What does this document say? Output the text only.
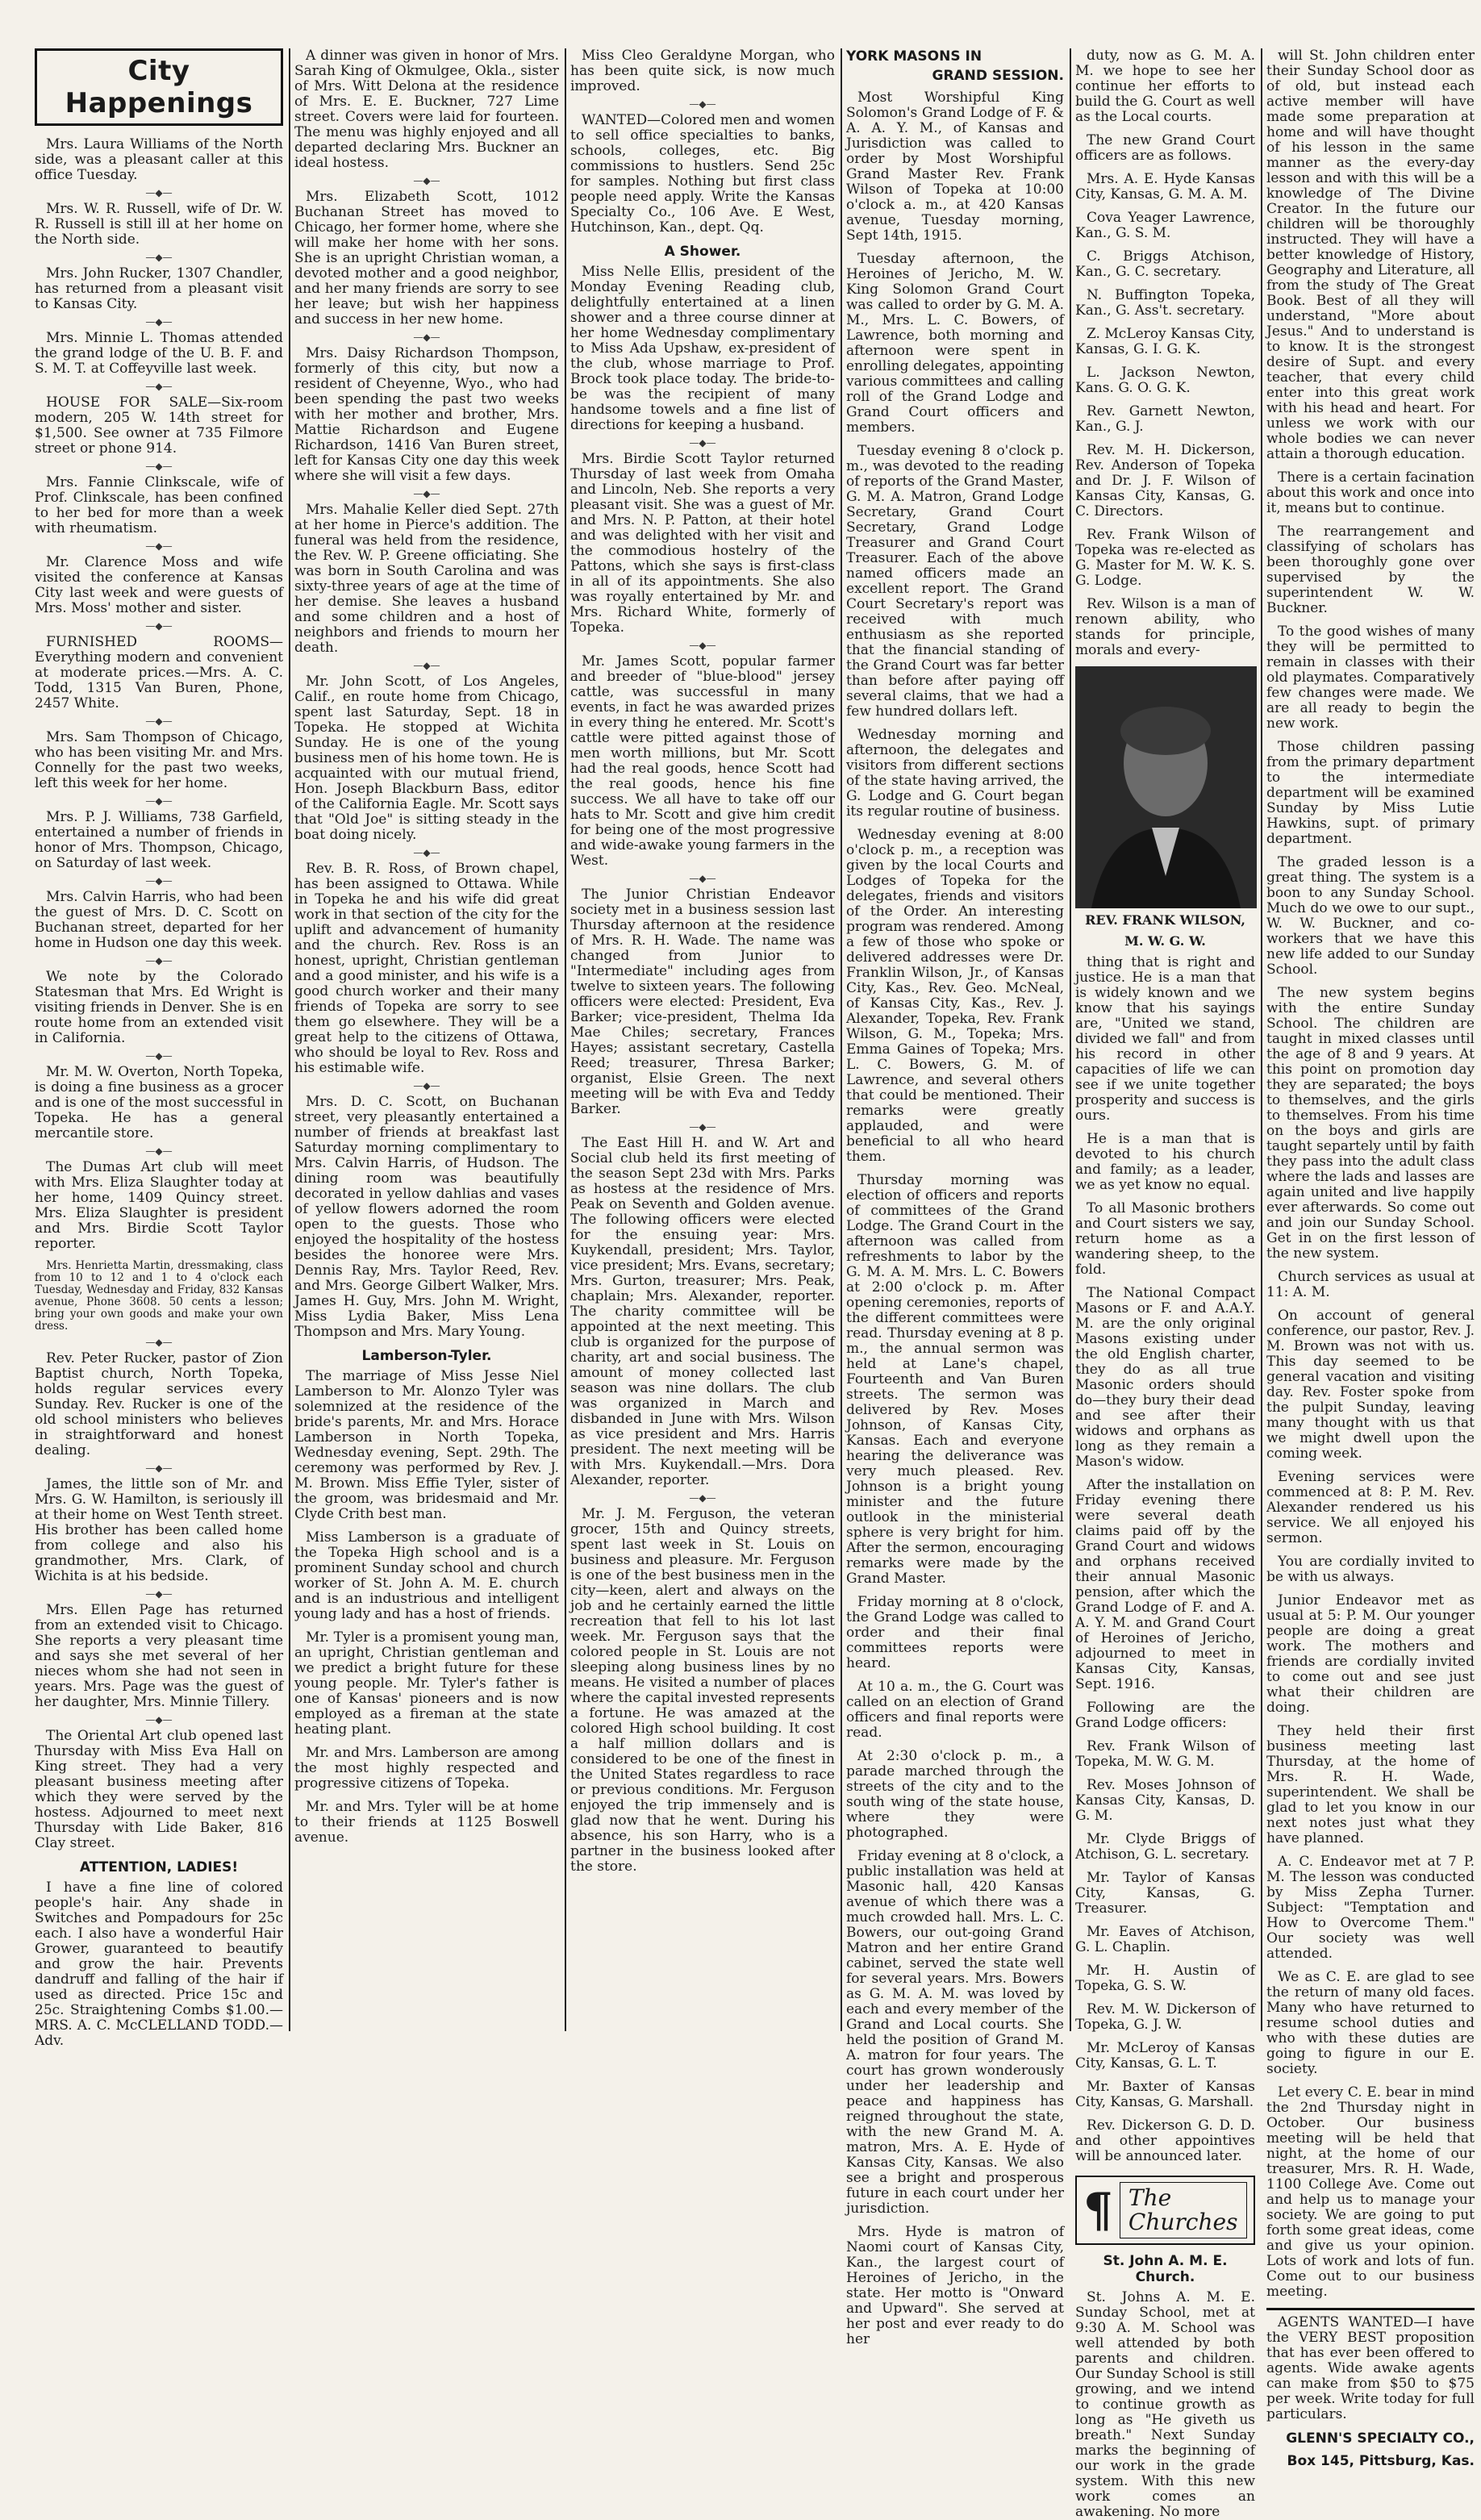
City Happenings

Mrs. Laura Williams of the North side, was a pleasant caller at this office Tuesday.

—◆—

Mrs. W. R. Russell, wife of Dr. W. R. Russell is still ill at her home on the North side.

—◆—

Mrs. John Rucker, 1307 Chandler, has returned from a pleasant visit to Kansas City.

—◆—

Mrs. Minnie L. Thomas attended the grand lodge of the U. B. F. and S. M. T. at Coffeyville last week.

—◆—

HOUSE FOR SALE—Six-room modern, 205 W. 14th street for $1,500. See owner at 735 Filmore street or phone 914.

—◆—

Mrs. Fannie Clinkscale, wife of Prof. Clinkscale, has been confined to her bed for more than a week with rheumatism.

—◆—

Mr. Clarence Moss and wife visited the conference at Kansas City last week and were guests of Mrs. Moss' mother and sister.

—◆—

FURNISHED ROOMS—Everything modern and convenient at moderate prices.—Mrs. A. C. Todd, 1315 Van Buren, Phone, 2457 White.

—◆—

Mrs. Sam Thompson of Chicago, who has been visiting Mr. and Mrs. Connelly for the past two weeks, left this week for her home.

—◆—

Mrs. P. J. Williams, 738 Garfield, entertained a number of friends in honor of Mrs. Thompson, Chicago, on Saturday of last week.

—◆—

Mrs. Calvin Harris, who had been the guest of Mrs. D. C. Scott on Buchanan street, departed for her home in Hudson one day this week.

—◆—

We note by the Colorado Statesman that Mrs. Ed Wright is visiting friends in Denver. She is en route home from an extended visit in California.

—◆—

Mr. M. W. Overton, North Topeka, is doing a fine business as a grocer and is one of the most successful in Topeka. He has a general mercantile store.

—◆—

The Dumas Art club will meet with Mrs. Eliza Slaughter today at her home, 1409 Quincy street. Mrs. Eliza Slaughter is president and Mrs. Birdie Scott Taylor reporter.

Mrs. Henrietta Martin, dressmaking, class from 10 to 12 and 1 to 4 o'clock each Tuesday, Wednesday and Friday, 832 Kansas avenue, Phone 3608. 50 cents a lesson; bring your own goods and make your own dress.

—◆—

Rev. Peter Rucker, pastor of Zion Baptist church, North Topeka, holds regular services every Sunday. Rev. Rucker is one of the old school ministers who believes in straightforward and honest dealing.

—◆—

James, the little son of Mr. and Mrs. G. W. Hamilton, is seriously ill at their home on West Tenth street. His brother has been called home from college and also his grandmother, Mrs. Clark, of Wichita is at his bedside.

—◆—

Mrs. Ellen Page has returned from an extended visit to Chicago. She reports a very pleasant time and says she met several of her nieces whom she had not seen in years. Mrs. Page was the guest of her daughter, Mrs. Minnie Tillery.

—◆—

The Oriental Art club opened last Thursday with Miss Eva Hall on King street. They had a very pleasant business meeting after which they were served by the hostess. Adjourned to meet next Thursday with Lide Baker, 816 Clay street.

ATTENTION, LADIES!

I have a fine line of colored people's hair. Any shade in Switches and Pompadours for 25c each. I also have a wonderful Hair Grower, guaranteed to beautify and grow the hair. Prevents dandruff and falling of the hair if used as directed. Price 15c and 25c. Straightening Combs $1.00.—MRS. A. C. McCLELLAND TODD.—Adv.

A dinner was given in honor of Mrs. Sarah King of Okmulgee, Okla., sister of Mrs. Witt Delona at the residence of Mrs. E. E. Buckner, 727 Lime street. Covers were laid for fourteen. The menu was highly enjoyed and all departed declaring Mrs. Buckner an ideal hostess.

—◆—

Mrs. Elizabeth Scott, 1012 Buchanan Street has moved to Chicago, her former home, where she will make her home with her sons. She is an upright Christian woman, a devoted mother and a good neighbor, and her many friends are sorry to see her leave; but wish her happiness and success in her new home.

—◆—

Mrs. Daisy Richardson Thompson, formerly of this city, but now a resident of Cheyenne, Wyo., who had been spending the past two weeks with her mother and brother, Mrs. Mattie Richardson and Eugene Richardson, 1416 Van Buren street, left for Kansas City one day this week where she will visit a few days.

—◆—

Mrs. Mahalie Keller died Sept. 27th at her home in Pierce's addition. The funeral was held from the residence, the Rev. W. P. Greene officiating. She was born in South Carolina and was sixty-three years of age at the time of her demise. She leaves a husband and some children and a host of neighbors and friends to mourn her death.

—◆—

Mr. John Scott, of Los Angeles, Calif., en route home from Chicago, spent last Saturday, Sept. 18 in Topeka. He stopped at Wichita Sunday. He is one of the young business men of his home town. He is acquainted with our mutual friend, Hon. Joseph Blackburn Bass, editor of the California Eagle. Mr. Scott says that "Old Joe" is sitting steady in the boat doing nicely.

—◆—

Rev. B. R. Ross, of Brown chapel, has been assigned to Ottawa. While in Topeka he and his wife did great work in that section of the city for the uplift and advancement of humanity and the church. Rev. Ross is an honest, upright, Christian gentleman and a good minister, and his wife is a good church worker and their many friends of Topeka are sorry to see them go elsewhere. They will be a great help to the citizens of Ottawa, who should be loyal to Rev. Ross and his estimable wife.

—◆—

Mrs. D. C. Scott, on Buchanan street, very pleasantly entertained a number of friends at breakfast last Saturday morning complimentary to Mrs. Calvin Harris, of Hudson. The dining room was beautifully decorated in yellow dahlias and vases of yellow flowers adorned the room open to the guests. Those who enjoyed the hospitality of the hostess besides the honoree were Mrs. Dennis Ray, Mrs. Taylor Reed, Rev. and Mrs. George Gilbert Walker, Mrs. James H. Guy, Mrs. John M. Wright, Miss Lydia Baker, Miss Lena Thompson and Mrs. Mary Young.

Lamberson-Tyler.

The marriage of Miss Jesse Niel Lamberson to Mr. Alonzo Tyler was solemnized at the residence of the bride's parents, Mr. and Mrs. Horace Lamberson in North Topeka, Wednesday evening, Sept. 29th. The ceremony was performed by Rev. J. M. Brown. Miss Effie Tyler, sister of the groom, was bridesmaid and Mr. Clyde Crith best man.

Miss Lamberson is a graduate of the Topeka High school and is a prominent Sunday school and church worker of St. John A. M. E. church and is an industrious and intelligent young lady and has a host of friends.

Mr. Tyler is a promisent young man, an upright, Christian gentleman and we predict a bright future for these young people. Mr. Tyler's father is one of Kansas' pioneers and is now employed as a fireman at the state heating plant.

Mr. and Mrs. Lamberson are among the most highly respected and progressive citizens of Topeka.

Mr. and Mrs. Tyler will be at home to their friends at 1125 Boswell avenue.

Miss Cleo Geraldyne Morgan, who has been quite sick, is now much improved.

—◆—

WANTED—Colored men and women to sell office specialties to banks, schools, colleges, etc. Big commissions to hustlers. Send 25c for samples. Nothing but first class people need apply. Write the Kansas Specialty Co., 106 Ave. E West, Hutchinson, Kan., dept. Qq.

A Shower.

Miss Nelle Ellis, president of the Monday Evening Reading club, delightfully entertained at a linen shower and a three course dinner at her home Wednesday complimentary to Miss Ada Upshaw, ex-president of the club, whose marriage to Prof. Brock took place today. The bride-to-be was the recipient of many handsome towels and a fine list of directions for keeping a husband.

—◆—

Mrs. Birdie Scott Taylor returned Thursday of last week from Omaha and Lincoln, Neb. She reports a very pleasant visit. She was a guest of Mr. and Mrs. N. P. Patton, at their hotel and was delighted with her visit and the commodious hostelry of the Pattons, which she says is first-class in all of its appointments. She also was royally entertained by Mr. and Mrs. Richard White, formerly of Topeka.

—◆—

Mr. James Scott, popular farmer and breeder of "blue-blood" jersey cattle, was successful in many events, in fact he was awarded prizes in every thing he entered. Mr. Scott's cattle were pitted against those of men worth millions, but Mr. Scott had the real goods, hence Scott had the real goods, hence his fine success. We all have to take off our hats to Mr. Scott and give him credit for being one of the most progressive and wide-awake young farmers in the West.

—◆—

The Junior Christian Endeavor society met in a business session last Thursday afternoon at the residence of Mrs. R. H. Wade. The name was changed from Junior to "Intermediate" including ages from twelve to sixteen years. The following officers were elected: President, Eva Barker; vice-president, Thelma Ida Mae Chiles; secretary, Frances Hayes; assistant secretary, Castella Reed; treasurer, Thresa Barker; organist, Elsie Green. The next meeting will be with Eva and Teddy Barker.

—◆—

The East Hill H. and W. Art and Social club held its first meeting of the season Sept 23d with Mrs. Parks as hostess at the residence of Mrs. Peak on Seventh and Golden avenue. The following officers were elected for the ensuing year: Mrs. Kuykendall, president; Mrs. Taylor, vice president; Mrs. Evans, secretary; Mrs. Gurton, treasurer; Mrs. Peak, chaplain; Mrs. Alexander, reporter. The charity committee will be appointed at the next meeting. This club is organized for the purpose of charity, art and social business. The amount of money collected last season was nine dollars. The club was organized in March and disbanded in June with Mrs. Wilson as vice president and Mrs. Harris president. The next meeting will be with Mrs. Kuykendall.—Mrs. Dora Alexander, reporter.

—◆—

Mr. J. M. Ferguson, the veteran grocer, 15th and Quincy streets, spent last week in St. Louis on business and pleasure. Mr. Ferguson is one of the best business men in the city—keen, alert and always on the job and he certainly earned the little recreation that fell to his lot last week. Mr. Ferguson says that the colored people in St. Louis are not sleeping along business lines by no means. He visited a number of places where the capital invested represents a fortune. He was amazed at the colored High school building. It cost a half million dollars and is considered to be one of the finest in the United States regardless to race or previous conditions. Mr. Ferguson enjoyed the trip immensely and is glad now that he went. During his absence, his son Harry, who is a partner in the business looked after the store.

YORK MASONS IN
GRAND SESSION.

Most Worshipful King Solomon's Grand Lodge of F. & A. A. Y. M., of Kansas and Jurisdiction was called to order by Most Worshipful Grand Master Rev. Frank Wilson of Topeka at 10:00 o'clock a. m., at 420 Kansas avenue, Tuesday morning, Sept 14th, 1915.

Tuesday afternoon, the Heroines of Jericho, M. W. King Solomon Grand Court was called to order by G. M. A. M., Mrs. L. C. Bowers, of Lawrence, both morning and afternoon were spent in enrolling delegates, appointing various committees and calling roll of the Grand Lodge and Grand Court officers and members.

Tuesday evening 8 o'clock p. m., was devoted to the reading of reports of the Grand Master, G. M. A. Matron, Grand Lodge Secretary, Grand Court Secretary, Grand Lodge Treasurer and Grand Court Treasurer. Each of the above named officers made an excellent report. The Grand Court Secretary's report was received with much enthusiasm as she reported that the financial standing of the Grand Court was far better than before after paying off several claims, that we had a few hundred dollars left.

Wednesday morning and afternoon, the delegates and visitors from different sections of the state having arrived, the G. Lodge and G. Court began its regular routine of business.

Wednesday evening at 8:00 o'clock p. m., a reception was given by the local Courts and Lodges of Topeka for the delegates, friends and visitors of the Order. An interesting program was rendered. Among a few of those who spoke or delivered addresses were Dr. Franklin Wilson, Jr., of Kansas City, Kas., Rev. Geo. McNeal, of Kansas City, Kas., Rev. J. Alexander, Topeka, Rev. Frank Wilson, G. M., Topeka; Mrs. Emma Gaines of Topeka; Mrs. L. C. Bowers, G. M. of Lawrence, and several others that could be mentioned. Their remarks were greatly applauded, and were beneficial to all who heard them.

Thursday morning was election of officers and reports of committees of the Grand Lodge. The Grand Court in the afternoon was called from refreshments to labor by the G. M. A. M. Mrs. L. C. Bowers at 2:00 o'clock p. m. After opening ceremonies, reports of the different committees were read. Thursday evening at 8 p. m., the annual sermon was held at Lane's chapel, Fourteenth and Van Buren streets. The sermon was delivered by Rev. Moses Johnson, of Kansas City, Kansas. Each and everyone hearing the deliverance was very much pleased. Rev. Johnson is a bright young minister and the future outlook in the ministerial sphere is very bright for him. After the sermon, encouraging remarks were made by the Grand Master.

Friday morning at 8 o'clock, the Grand Lodge was called to order and their final committees reports were heard.

At 10 a. m., the G. Court was called on an election of Grand officers and final reports were read.

At 2:30 o'clock p. m., a parade marched through the streets of the city and to the south wing of the state house, where they were photographed.

Friday evening at 8 o'clock, a public installation was held at Masonic hall, 420 Kansas avenue of which there was a much crowded hall. Mrs. L. C. Bowers, our out-going Grand Matron and her entire Grand cabinet, served the state well for several years. Mrs. Bowers as G. M. A. M. was loved by each and every member of the Grand and Local courts. She held the position of Grand M. A. matron for four years. The court has grown wonderously under her leadership and peace and happiness has reigned throughout the state, with the new Grand M. A. matron, Mrs. A. E. Hyde of Kansas City, Kansas. We also see a bright and prosperous future in each court under her jurisdiction.

Mrs. Hyde is matron of Naomi court of Kansas City, Kan., the largest court of Heroines of Jericho, in the state. Her motto is "Onward and Upward". She served at her post and ever ready to do her

duty, now as G. M. A. M. we hope to see her continue her efforts to build the G. Court as well as the Local courts.

The new Grand Court officers are as follows.

Mrs. A. E. Hyde Kansas City, Kansas, G. M. A. M.

Cova Yeager Lawrence, Kan., G. S. M.

C. Briggs Atchison, Kan., G. C. secretary.

N. Buffington Topeka, Kan., G. Ass't. secretary.

Z. McLeroy Kansas City, Kansas, G. I. G. K.

L. Jackson Newton, Kans. G. O. G. K.

Rev. Garnett Newton, Kan., G. J.

Rev. M. H. Dickerson, Rev. Anderson of Topeka and Dr. J. F. Wilson of Kansas City, Kansas, G. C. Directors.

Rev. Frank Wilson of Topeka was re-elected as G. Master for M. W. K. S. G. Lodge.

Rev. Wilson is a man of renown ability, who stands for principle, morals and every-

REV. FRANK WILSON,
M. W. G. W.

thing that is right and justice. He is a man that is widely known and we know that his sayings are, "United we stand, divided we fall" and from his record in other capacities of life we can see if we unite together prosperity and success is ours.

He is a man that is devoted to his church and family; as a leader, we as yet know no equal.

To all Masonic brothers and Court sisters we say, return home as a wandering sheep, to the fold.

The National Compact Masons or F. and A.A.Y. M. are the only original Masons existing under the old English charter, they do as all true Masonic orders should do—they bury their dead and see after their widows and orphans as long as they remain a Mason's widow.

After the installation on Friday evening there were several death claims paid off by the Grand Court and widows and orphans received their annual Masonic pension, after which the Grand Lodge of F. and A. A. Y. M. and Grand Court of Heroines of Jericho, adjourned to meet in Kansas City, Kansas, Sept. 1916.

Following are the Grand Lodge officers:

Rev. Frank Wilson of Topeka, M. W. G. M.

Rev. Moses Johnson of Kansas City, Kansas, D. G. M.

Mr. Clyde Briggs of Atchison, G. L. secretary.

Mr. Taylor of Kansas City, Kansas, G. Treasurer.

Mr. Eaves of Atchison, G. L. Chaplin.

Mr. H. Austin of Topeka, G. S. W.

Rev. M. W. Dickerson of Topeka, G. J. W.

Mr. McLeroy of Kansas City, Kansas, G. L. T.

Mr. Baxter of Kansas City, Kansas, G. Marshall.

Rev. Dickerson G. D. D. and other appointives will be announced later.

¶ The Churches
St. John A. M. E. Church.

St. Johns A. M. E. Sunday School, met at 9:30 A. M. School was well attended by both parents and children. Our Sunday School is still growing, and we intend to continue growth as long as "He giveth us breath." Next Sunday marks the beginning of our work in the grade system. With this new work comes an awakening. No more

will St. John children enter their Sunday School door as of old, but instead each active member will have made some preparation at home and will have thought of his lesson in the same manner as the every-day lesson and with this will be a knowledge of The Divine Creator. In the future our children will be thoroughly instructed. They will have a better knowledge of History, Geography and Literature, all from the study of The Great Book. Best of all they will understand, "More about Jesus." And to understand is to know. It is the strongest desire of Supt. and every teacher, that every child enter into this great work with his head and heart. For unless we work with our whole bodies we can never attain a thorough education.

There is a certain facination about this work and once into it, means but to continue.

The rearrangement and classifying of scholars has been thoroughly gone over supervised by the superintendent W. W. Buckner.

To the good wishes of many they will be permitted to remain in classes with their old playmates. Comparatively few changes were made. We are all ready to begin the new work.

Those children passing from the primary department to the intermediate department will be examined Sunday by Miss Lutie Hawkins, supt. of primary department.

The graded lesson is a great thing. The system is a boon to any Sunday School. Much do we owe to our supt., W. W. Buckner, and co-workers that we have this new life added to our Sunday School.

The new system begins with the entire Sunday School. The children are taught in mixed classes until the age of 8 and 9 years. At this point on promotion day they are separated; the boys to themselves, and the girls to themselves. From his time on the boys and girls are taught separtely until by faith they pass into the adult class where the lads and lasses are again united and live happily ever afterwards. So come out and join our Sunday School. Get in on the first lesson of the new system.

Church services as usual at 11: A. M.

On account of general conference, our pastor, Rev. J. M. Brown was not with us. This day seemed to be general vacation and visiting day. Rev. Foster spoke from the pulpit Sunday, leaving many thought with us that we might dwell upon the coming week.

Evening services were commenced at 8: P. M. Rev. Alexander rendered us his service. We all enjoyed his sermon.

You are cordially invited to be with us always.

Junior Endeavor met as usual at 5: P. M. Our younger people are doing a great work. The mothers and friends are cordially invited to come out and see just what their children are doing.

They held their first business meeting last Thursday, at the home of Mrs. R. H. Wade, superintendent. We shall be glad to let you know in our next notes just what they have planned.

A. C. Endeavor met at 7 P. M. The lesson was conducted by Miss Zepha Turner. Subject: "Temptation and How to Overcome Them." Our society was well attended.

We as C. E. are glad to see the return of many old faces. Many who have returned to resume school duties and who with these duties are going to figure in our E. society.

Let every C. E. bear in mind the 2nd Thursday night in October. Our business meeting will be held that night, at the home of our treasurer, Mrs. R. H. Wade, 1100 College Ave. Come out and help us to manage your society. We are going to put forth some great ideas, come and give us your opinion. Lots of work and lots of fun. Come out to our business meeting.

AGENTS WANTED—I have the VERY BEST proposition that has ever been offered to agents. Wide awake agents can make from $50 to $75 per week. Write today for full particulars.

GLENN'S SPECIALTY CO.,
Box 145, Pittsburg, Kas.
